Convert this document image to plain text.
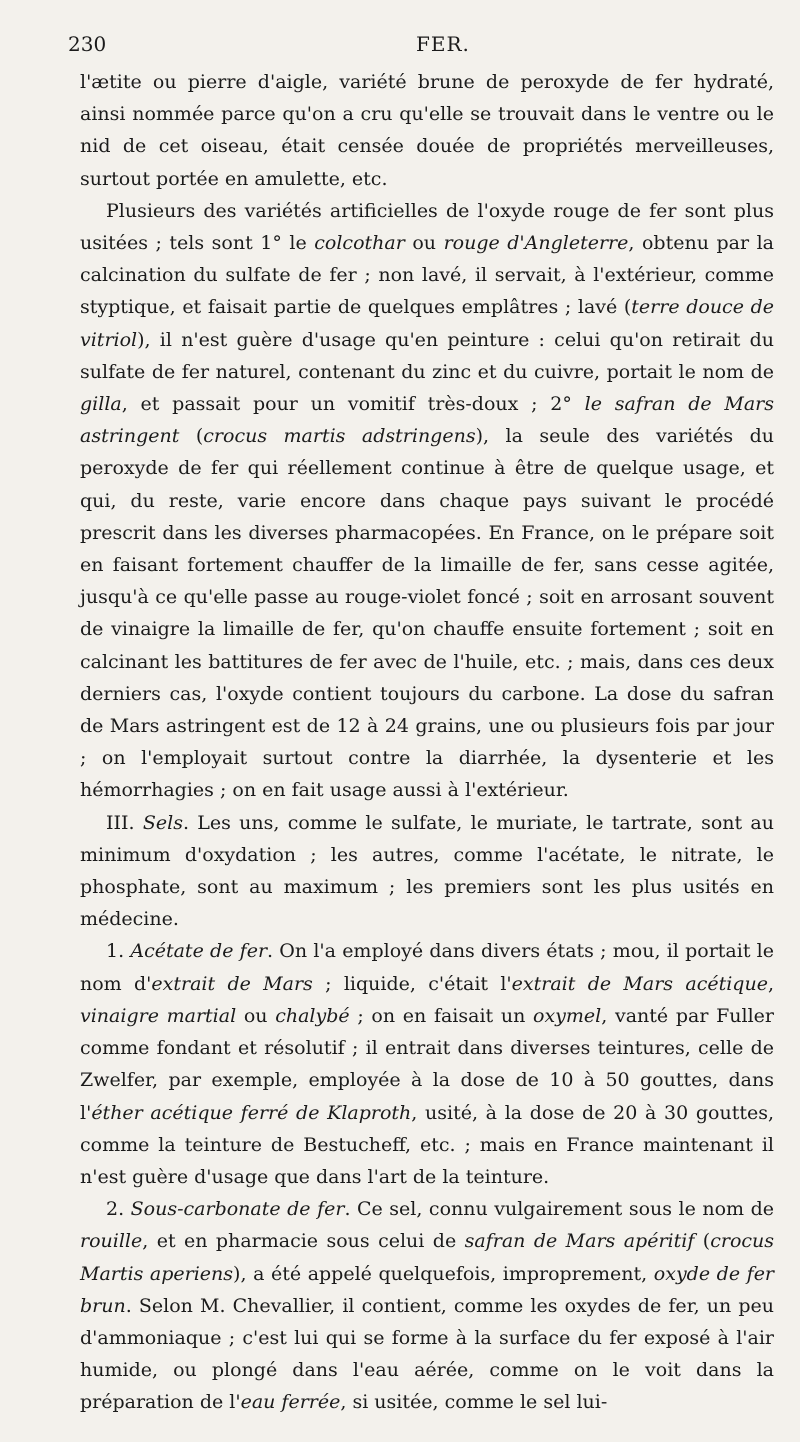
230	FER.

l'ætite ou pierre d'aigle, variété brune de peroxyde de fer hydraté, ainsi nommée parce qu'on a cru qu'elle se trouvait dans le ventre ou le nid de cet oiseau, était censée douée de propriétés merveilleuses, surtout portée en amulette, etc.

Plusieurs des variétés artificielles de l'oxyde rouge de fer sont plus usitées ; tels sont 1° le colcothar ou rouge d'Angleterre, obtenu par la calcination du sulfate de fer ; non lavé, il servait, à l'extérieur, comme styptique, et faisait partie de quelques emplâtres ; lavé (terre douce de vitriol), il n'est guère d'usage qu'en peinture : celui qu'on retirait du sulfate de fer naturel, contenant du zinc et du cuivre, portait le nom de gilla, et passait pour un vomitif très-doux ; 2° le safran de Mars astringent (crocus martis adstringens), la seule des variétés du peroxyde de fer qui réellement continue à être de quelque usage, et qui, du reste, varie encore dans chaque pays suivant le procédé prescrit dans les diverses pharmacopées. En France, on le prépare soit en faisant fortement chauffer de la limaille de fer, sans cesse agitée, jusqu'à ce qu'elle passe au rouge-violet foncé ; soit en arrosant souvent de vinaigre la limaille de fer, qu'on chauffe ensuite fortement ; soit en calcinant les battitures de fer avec de l'huile, etc. ; mais, dans ces deux derniers cas, l'oxyde contient toujours du carbone. La dose du safran de Mars astringent est de 12 à 24 grains, une ou plusieurs fois par jour ; on l'employait surtout contre la diarrhée, la dysenterie et les hémorrhagies ; on en fait usage aussi à l'extérieur.

III. Sels. Les uns, comme le sulfate, le muriate, le tartrate, sont au minimum d'oxydation ; les autres, comme l'acétate, le nitrate, le phosphate, sont au maximum ; les premiers sont les plus usités en médecine.

1. Acétate de fer. On l'a employé dans divers états ; mou, il portait le nom d'extrait de Mars ; liquide, c'était l'extrait de Mars acétique, vinaigre martial ou chalybé ; on en faisait un oxymel, vanté par Fuller comme fondant et résolutif ; il entrait dans diverses teintures, celle de Zwelfer, par exemple, employée à la dose de 10 à 50 gouttes, dans l'éther acétique ferré de Klaproth, usité, à la dose de 20 à 30 gouttes, comme la teinture de Bestucheff, etc. ; mais en France maintenant il n'est guère d'usage que dans l'art de la teinture.

2. Sous-carbonate de fer. Ce sel, connu vulgairement sous le nom de rouille, et en pharmacie sous celui de safran de Mars apéritif (crocus Martis aperiens), a été appelé quelquefois, improprement, oxyde de fer brun. Selon M. Chevallier, il contient, comme les oxydes de fer, un peu d'ammoniaque ; c'est lui qui se forme à la surface du fer exposé à l'air humide, ou plongé dans l'eau aérée, comme on le voit dans la préparation de l'eau ferrée, si usitée, comme le sel lui-
